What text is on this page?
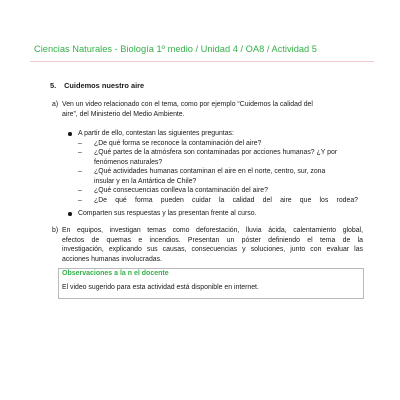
Ciencias Naturales - Biología 1º medio / Unidad 4 / OA8 / Actividad 5
5. Cuidemos nuestro aire
a) Ven un video relacionado con el tema, como por ejemplo “Cuidemos la calidad del
aire”, del Ministerio del Medio Ambiente.
A partir de ello, contestan las siguientes preguntas:
– ¿De qué forma se reconoce la contaminación del aire?
– ¿Qué partes de la atmósfera son contaminadas por acciones humanas? ¿Y por
fenómenos naturales?
– ¿Qué actividades humanas contaminan el aire en el norte, centro, sur, zona
insular y en la Antártica de Chile?
– ¿Qué consecuencias conlleva la contaminación del aire?
– ¿De qué forma pueden cuidar la calidad del aire que los rodea?
Comparten sus respuestas y las presentan frente al curso.
b) En equipos, investigan temas como deforestación, lluvia ácida, calentamiento global,
efectos de quemas e incendios. Presentan un póster definiendo el tema de la
investigación, explicando sus causas, consecuencias y soluciones, junto con evaluar las
acciones humanas involucradas.
Observaciones a la n el docente
El video sugerido para esta actividad está disponible en internet.
